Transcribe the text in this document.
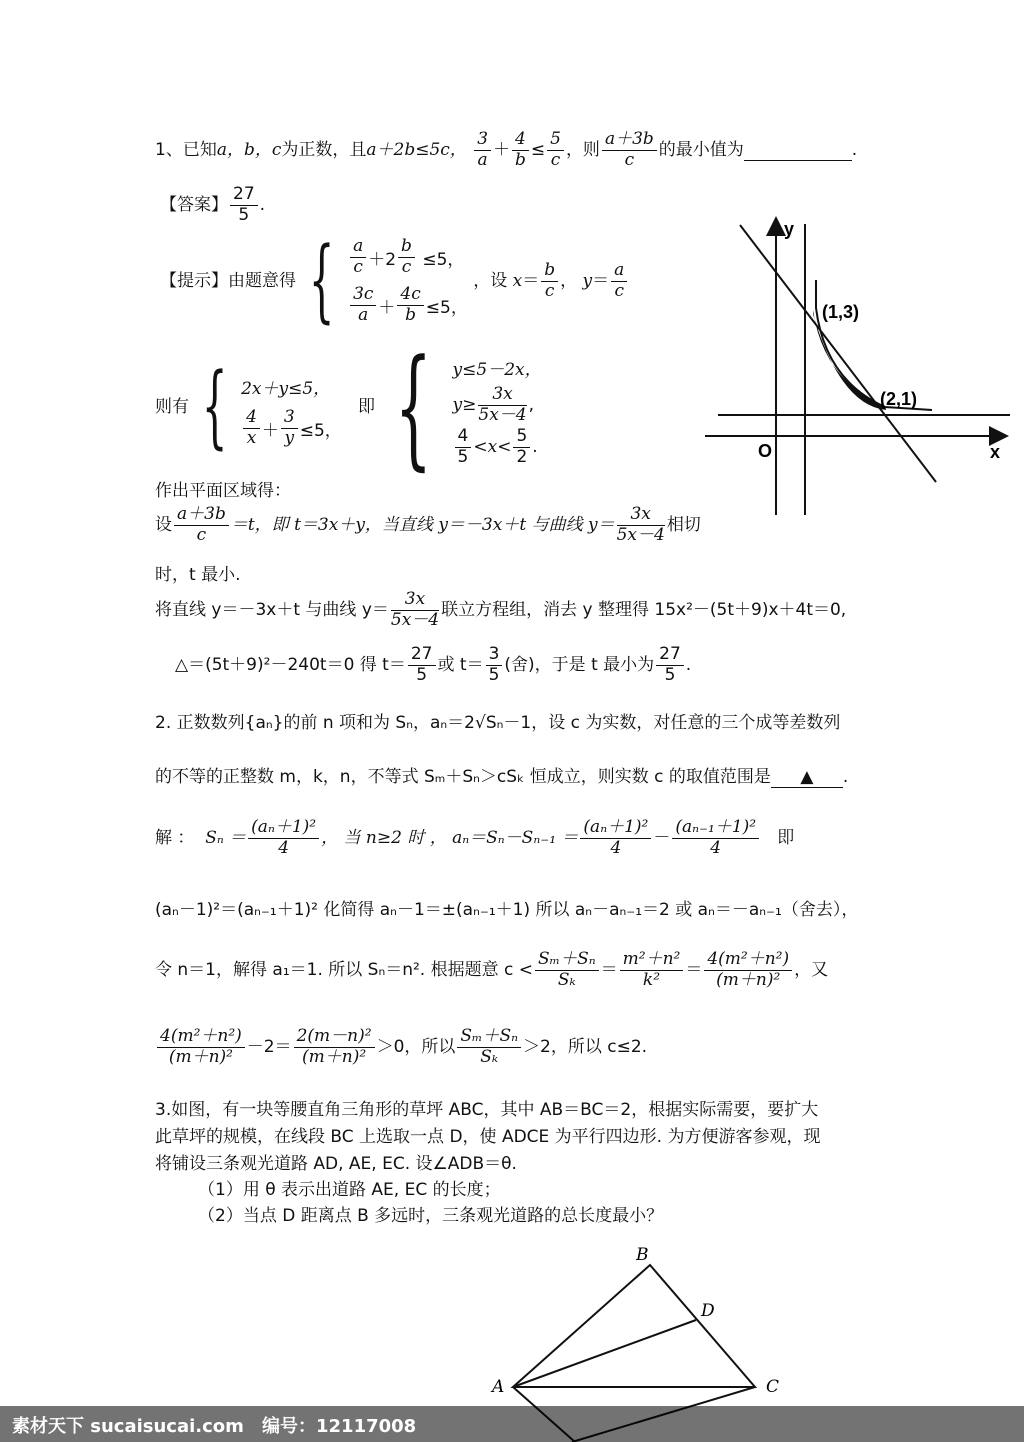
1、已知a，b，c为正数，且a＋2b≤5c， $\frac{3}{a} + \frac{4}{b} \le \frac{5}{c}$ ，则 $\frac{a+3b}{c}$ 的最小值为	.
【答案】 $\frac{27}{5}$ .
【提示】由题意得 { $\frac{a}{c} +2 \frac{b}{c}$
≤5，
$\frac{3c}{a} + \frac{4c}{b} \le 5$，
，设 $x= \frac{b}{c}$ ， $y= \frac{a}{c}$
则有 { 2x＋y≤5，
$\frac{4}{x} + \frac{3}{y} \le 5$，
即 { y≤5－2x，
$y\ge \frac{3x}{5x-4}$ ,
$\frac{4}{5} <x< \frac{5}{2}$ .
作出平面区域得：
设 $\frac{a+3b}{c} =t$，即 t＝3x＋y，当直线 y＝－3x＋t 与曲线 $y= \frac{3x}{5x-4}$ 相切
时，t 最小.
将直线 y＝－3x＋t 与曲线 $y= \frac{3x}{5x-4}$ 联立方程组，消去 y 整理得 15x²－(5t＋9)x＋4t＝0,
△＝(5t＋9)²－240t＝0 得 $t= \frac{27}{5}$ 或 $t= \frac{3}{5}$ (舍)，于是 t 最小为 $\frac{27}{5}$ .
y
x
O
(1,3)
(2,1)
2. 正数数列{aₙ}的前 n 项和为 Sₙ，aₙ＝2√Sₙ－1，设 c 为实数，对任意的三个成等差数列
的不等的正整数 m，k，n，不等式 Sₘ＋Sₙ＞cSₖ 恒成立，则实数 c 的取值范围是 ▲ .
解 ： $S_n = \frac{\text{(aₙ＋1)²}}{4}$ ， 当 n≥2 时 ， $a_n=S_n-S_{n-1} = \frac{\text{(aₙ＋1)²}}{4} - \frac{\text{(aₙ₋₁＋1)²}}{4}$ 即
(aₙ－1)²＝(aₙ₋₁＋1)² 化简得 aₙ－1＝±(aₙ₋₁＋1) 所以 aₙ－aₙ₋₁＝2 或 aₙ＝－aₙ₋₁（舍去），
令 n＝1，解得 a₁＝1. 所以 Sₙ＝n². 根据题意 $c < \frac{\text{Sₘ＋Sₙ}}{\text{Sₖ}} = \frac{\text{m²＋n²}}{\text{k²}} = \frac{\text{4(m²＋n²)}}{\text{(m＋n)²}}$ ，又
$\frac{\text{4(m²＋n²)}}{\text{(m＋n)²}} -2= \frac{\text{2(m－n)²}}{\text{(m＋n)²}} >0$，所以 $\frac{\text{Sₘ＋Sₙ}}{\text{Sₖ}} >2$，所以 c≤2.
3.如图，有一块等腰直角三角形的草坪 ABC，其中 AB＝BC＝2，根据实际需要，要扩大
此草坪的规模，在线段 BC 上选取一点 D，使 ADCE 为平行四边形. 为方便游客参观，现
将铺设三条观光道路 AD, AE, EC. 设∠ADB＝θ.
（1）用 θ 表示出道路 AE, EC 的长度；
（2）当点 D 距离点 B 多远时，三条观光道路的总长度最小？
B
D
A	C
素材天下 sucaisucai.com 编号：12117008
